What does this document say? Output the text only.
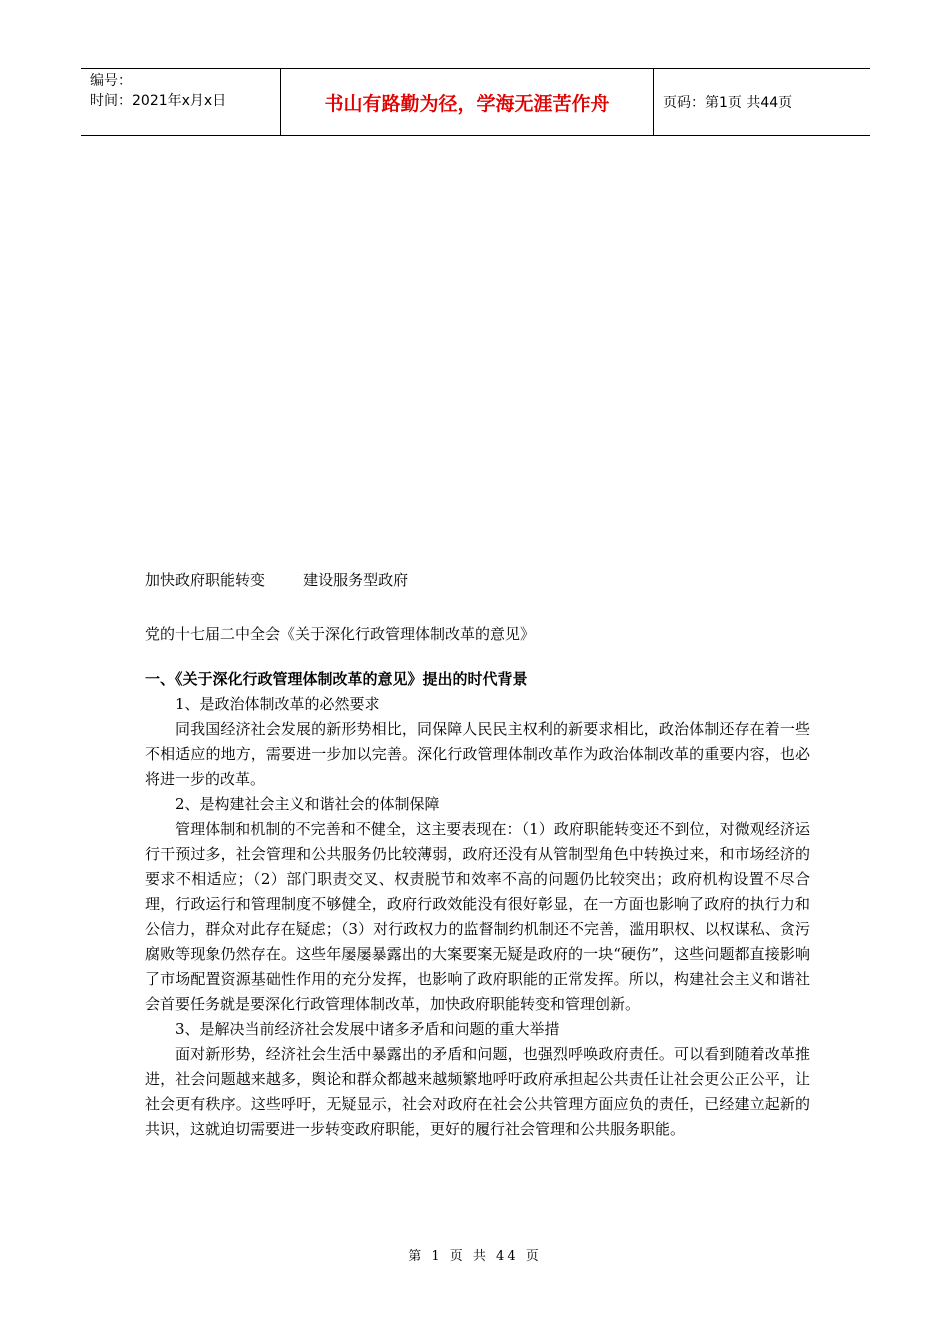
编号：
时间：2021年x月x日	书山有路勤为径，学海无涯苦作舟	页码：第1页 共44页
加快政府职能转变        建设服务型政府
党的十七届二中全会《关于深化行政管理体制改革的意见》
一、《关于深化行政管理体制改革的意见》提出的时代背景

1、是政治体制改革的必然要求

同我国经济社会发展的新形势相比，同保障人民民主权利的新要求相比，政治体制还存在着一些不相适应的地方，需要进一步加以完善。深化行政管理体制改革作为政治体制改革的重要内容，也必将进一步的改革。

2、是构建社会主义和谐社会的体制保障

管理体制和机制的不完善和不健全，这主要表现在：（1）政府职能转变还不到位，对微观经济运行干预过多，社会管理和公共服务仍比较薄弱，政府还没有从管制型角色中转换过来，和市场经济的要求不相适应；（2）部门职责交叉、权责脱节和效率不高的问题仍比较突出；政府机构设置不尽合理，行政运行和管理制度不够健全，政府行政效能没有很好彰显，在一方面也影响了政府的执行力和公信力，群众对此存在疑虑；（3）对行政权力的监督制约机制还不完善，滥用职权、以权谋私、贪污腐败等现象仍然存在。这些年屡屡暴露出的大案要案无疑是政府的一块“硬伤”，这些问题都直接影响了市场配置资源基础性作用的充分发挥，也影响了政府职能的正常发挥。所以，构建社会主义和谐社会首要任务就是要深化行政管理体制改革，加快政府职能转变和管理创新。

3、是解决当前经济社会发展中诸多矛盾和问题的重大举措

面对新形势，经济社会生活中暴露出的矛盾和问题，也强烈呼唤政府责任。可以看到随着改革推进，社会问题越来越多，舆论和群众都越来越频繁地呼吁政府承担起公共责任让社会更公正公平，让社会更有秩序。这些呼吁，无疑显示，社会对政府在社会公共管理方面应负的责任，已经建立起新的共识，这就迫切需要进一步转变政府职能，更好的履行社会管理和公共服务职能。

第 1 页 共 44 页
